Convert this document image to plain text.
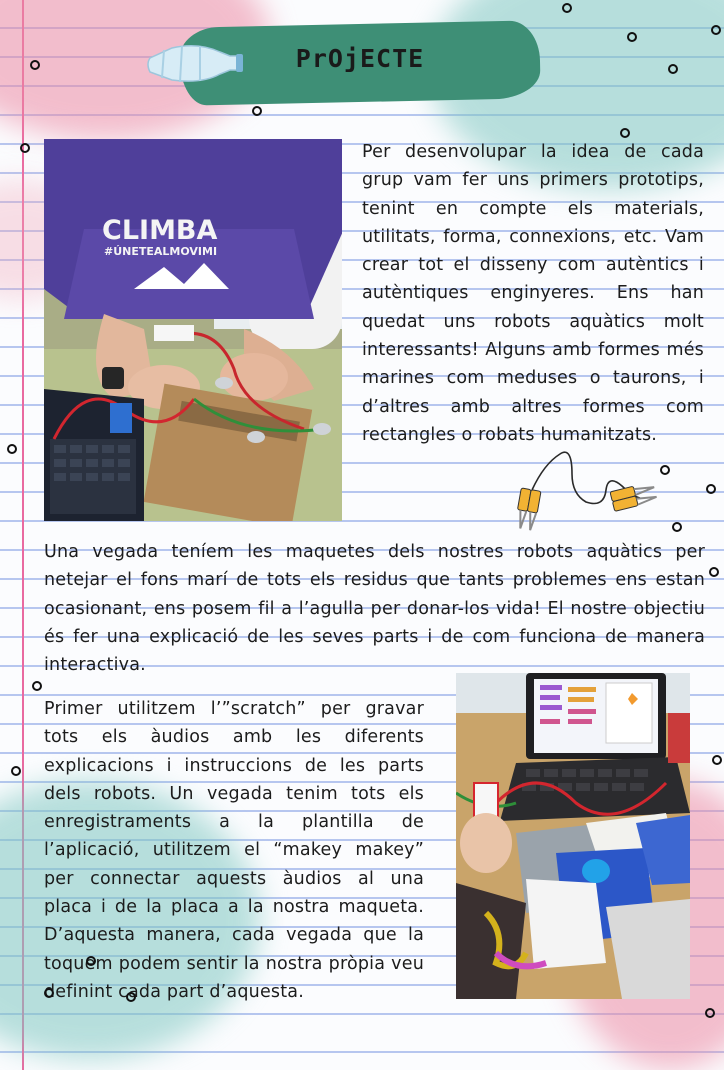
PrOjECTE
CLIMBA
#ÚNETEALMOVIMI
Per desenvolupar la idea de cada grup vam fer uns primers prototips, tenint en compte els materials, utilitats, forma, connexions, etc. Vam crear tot el disseny com autèntics i autèntiques enginyeres. Ens han quedat uns robots aquàtics molt interessants! Alguns amb formes més marines com meduses o taurons, i d’altres amb altres formes com rectangles o robats humanitzats.
Una vegada teníem les maquetes dels nostres robots aquàtics per netejar el fons marí de tots els residus que tants problemes ens estan ocasionant, ens posem fil a l’agulla per donar-los vida! El nostre objectiu és fer una explicació de les seves parts i de com funciona de manera interactiva.
Primer utilitzem l’”scratch” per gravar tots els àudios amb les diferents explicacions i instruccions de les parts dels robots. Un vegada tenim tots els enregistraments a la plantilla de l’aplicació, utilitzem el “makey makey” per connectar aquests àudios al una placa i de la placa a la nostra maqueta. D’aquesta manera, cada vegada que la toquem podem sentir la nostra pròpia veu definint cada part d’aquesta.
